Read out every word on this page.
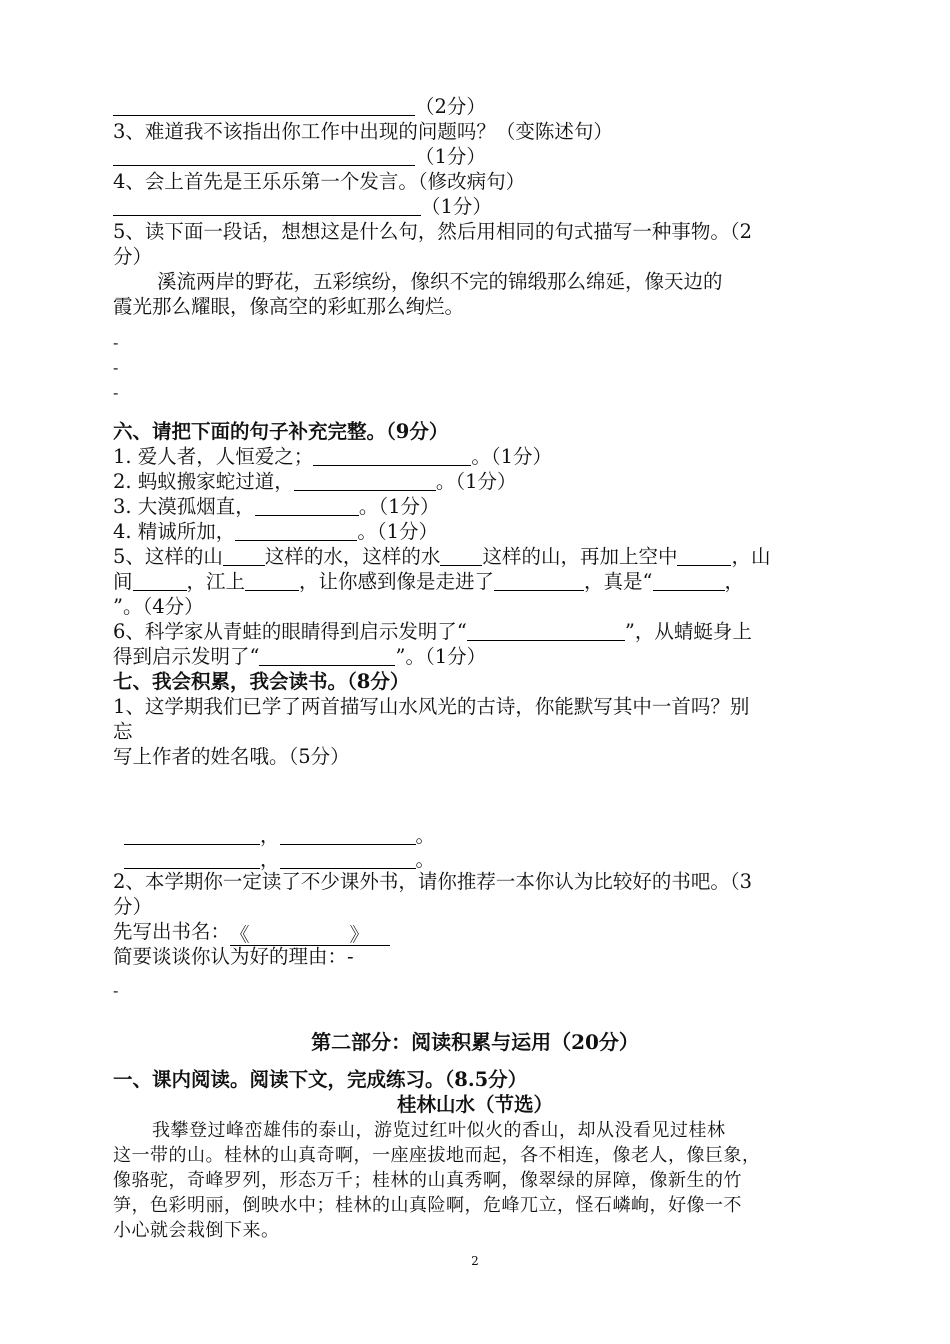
（2分）
3、难道我不该指出你工作中出现的问题吗？（变陈述句）
（1分）
4、会上首先是王乐乐第一个发言。（修改病句）
（1分）
5、读下面一段话，想想这是什么句，然后用相同的句式描写一种事物。（2
分）
溪流两岸的野花，五彩缤纷，像织不完的锦缎那么绵延，像天边的
霞光那么耀眼，像高空的彩虹那么绚烂。
-
-
-
六、请把下面的句子补充完整。（9分）
1. 爱人者，人恒爱之；	。（1分）
2. 蚂蚁搬家蛇过道，	。（1分）
3. 大漠孤烟直，	。（1分）
4. 精诚所加，	。（1分）
5、这样的山 这样的水，这样的水 这样的山，再加上空中	，山
间	，江上	，让你感到像是走进了	，真是“	，
”。（4分）
6、科学家从青蛙的眼睛得到启示发明了“	”，从蜻蜓身上
得到启示发明了“	”。（1分）
七、我会积累，我会读书。（8分）
1、这学期我们已学了两首描写山水风光的古诗，你能默写其中一首吗？别
忘
写上作者的姓名哦。（5分）
，	。
，	。
2、本学期你一定读了不少课外书，请你推荐一本你认为比较好的书吧。（3
分）
先写出书名：《	》
简要谈谈你认为好的理由：-
-
第二部分：阅读积累与运用（20分）
一、课内阅读。阅读下文，完成练习。（8.5分）
桂林山水（节选）
我攀登过峰峦雄伟的泰山，游览过红叶似火的香山，却从没看见过桂林
这一带的山。桂林的山真奇啊，一座座拔地而起，各不相连，像老人，像巨象，
像骆驼，奇峰罗列，形态万千；桂林的山真秀啊，像翠绿的屏障，像新生的竹
笋，色彩明丽，倒映水中；桂林的山真险啊，危峰兀立，怪石嶙峋，好像一不
小心就会栽倒下来。
2
